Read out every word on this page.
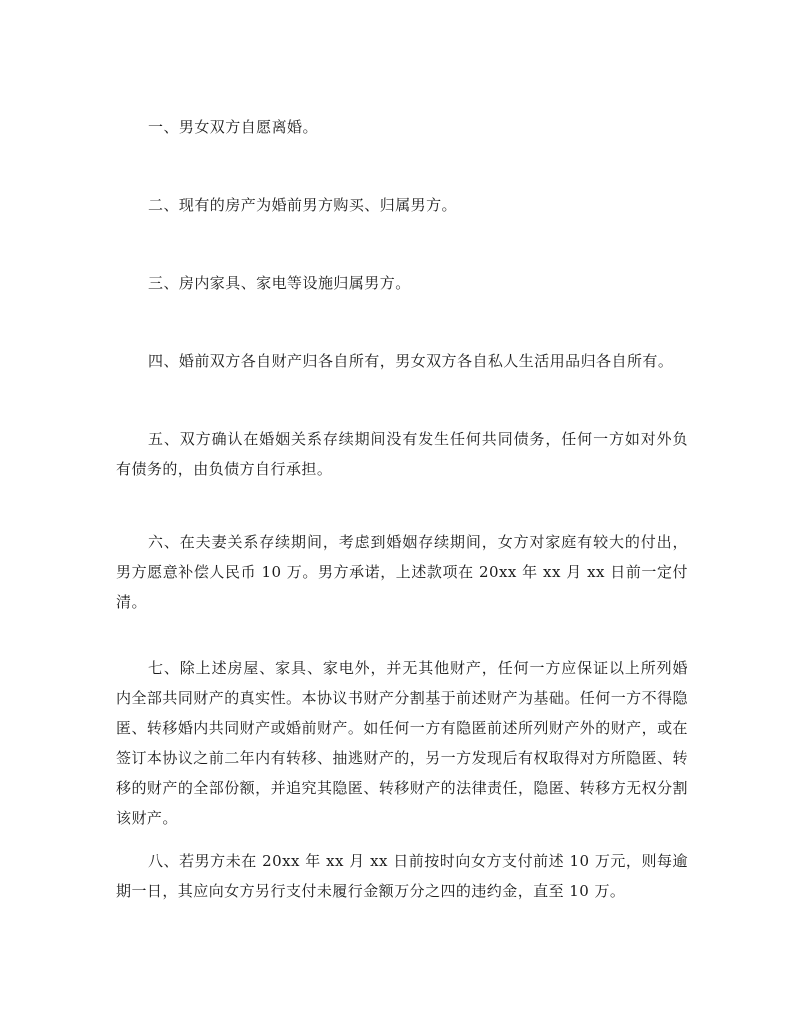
一、男女双方自愿离婚。

二、现有的房产为婚前男方购买、归属男方。

三、房内家具、家电等设施归属男方。

四、婚前双方各自财产归各自所有，男女双方各自私人生活用品归各自所有。

五、双方确认在婚姻关系存续期间没有发生任何共同债务，任何一方如对外负有债务的，由负债方自行承担。

六、在夫妻关系存续期间，考虑到婚姻存续期间，女方对家庭有较大的付出，男方愿意补偿人民币 10 万。男方承诺，上述款项在 20xx 年 xx 月 xx 日前一定付清。

七、除上述房屋、家具、家电外，并无其他财产，任何一方应保证以上所列婚内全部共同财产的真实性。本协议书财产分割基于前述财产为基础。任何一方不得隐匿、转移婚内共同财产或婚前财产。如任何一方有隐匿前述所列财产外的财产，或在签订本协议之前二年内有转移、抽逃财产的，另一方发现后有权取得对方所隐匿、转移的财产的全部份额，并追究其隐匿、转移财产的法律责任，隐匿、转移方无权分割该财产。

八、若男方未在 20xx 年 xx 月 xx 日前按时向女方支付前述 10 万元，则每逾期一日，其应向女方另行支付未履行金额万分之四的违约金，直至 10 万。
